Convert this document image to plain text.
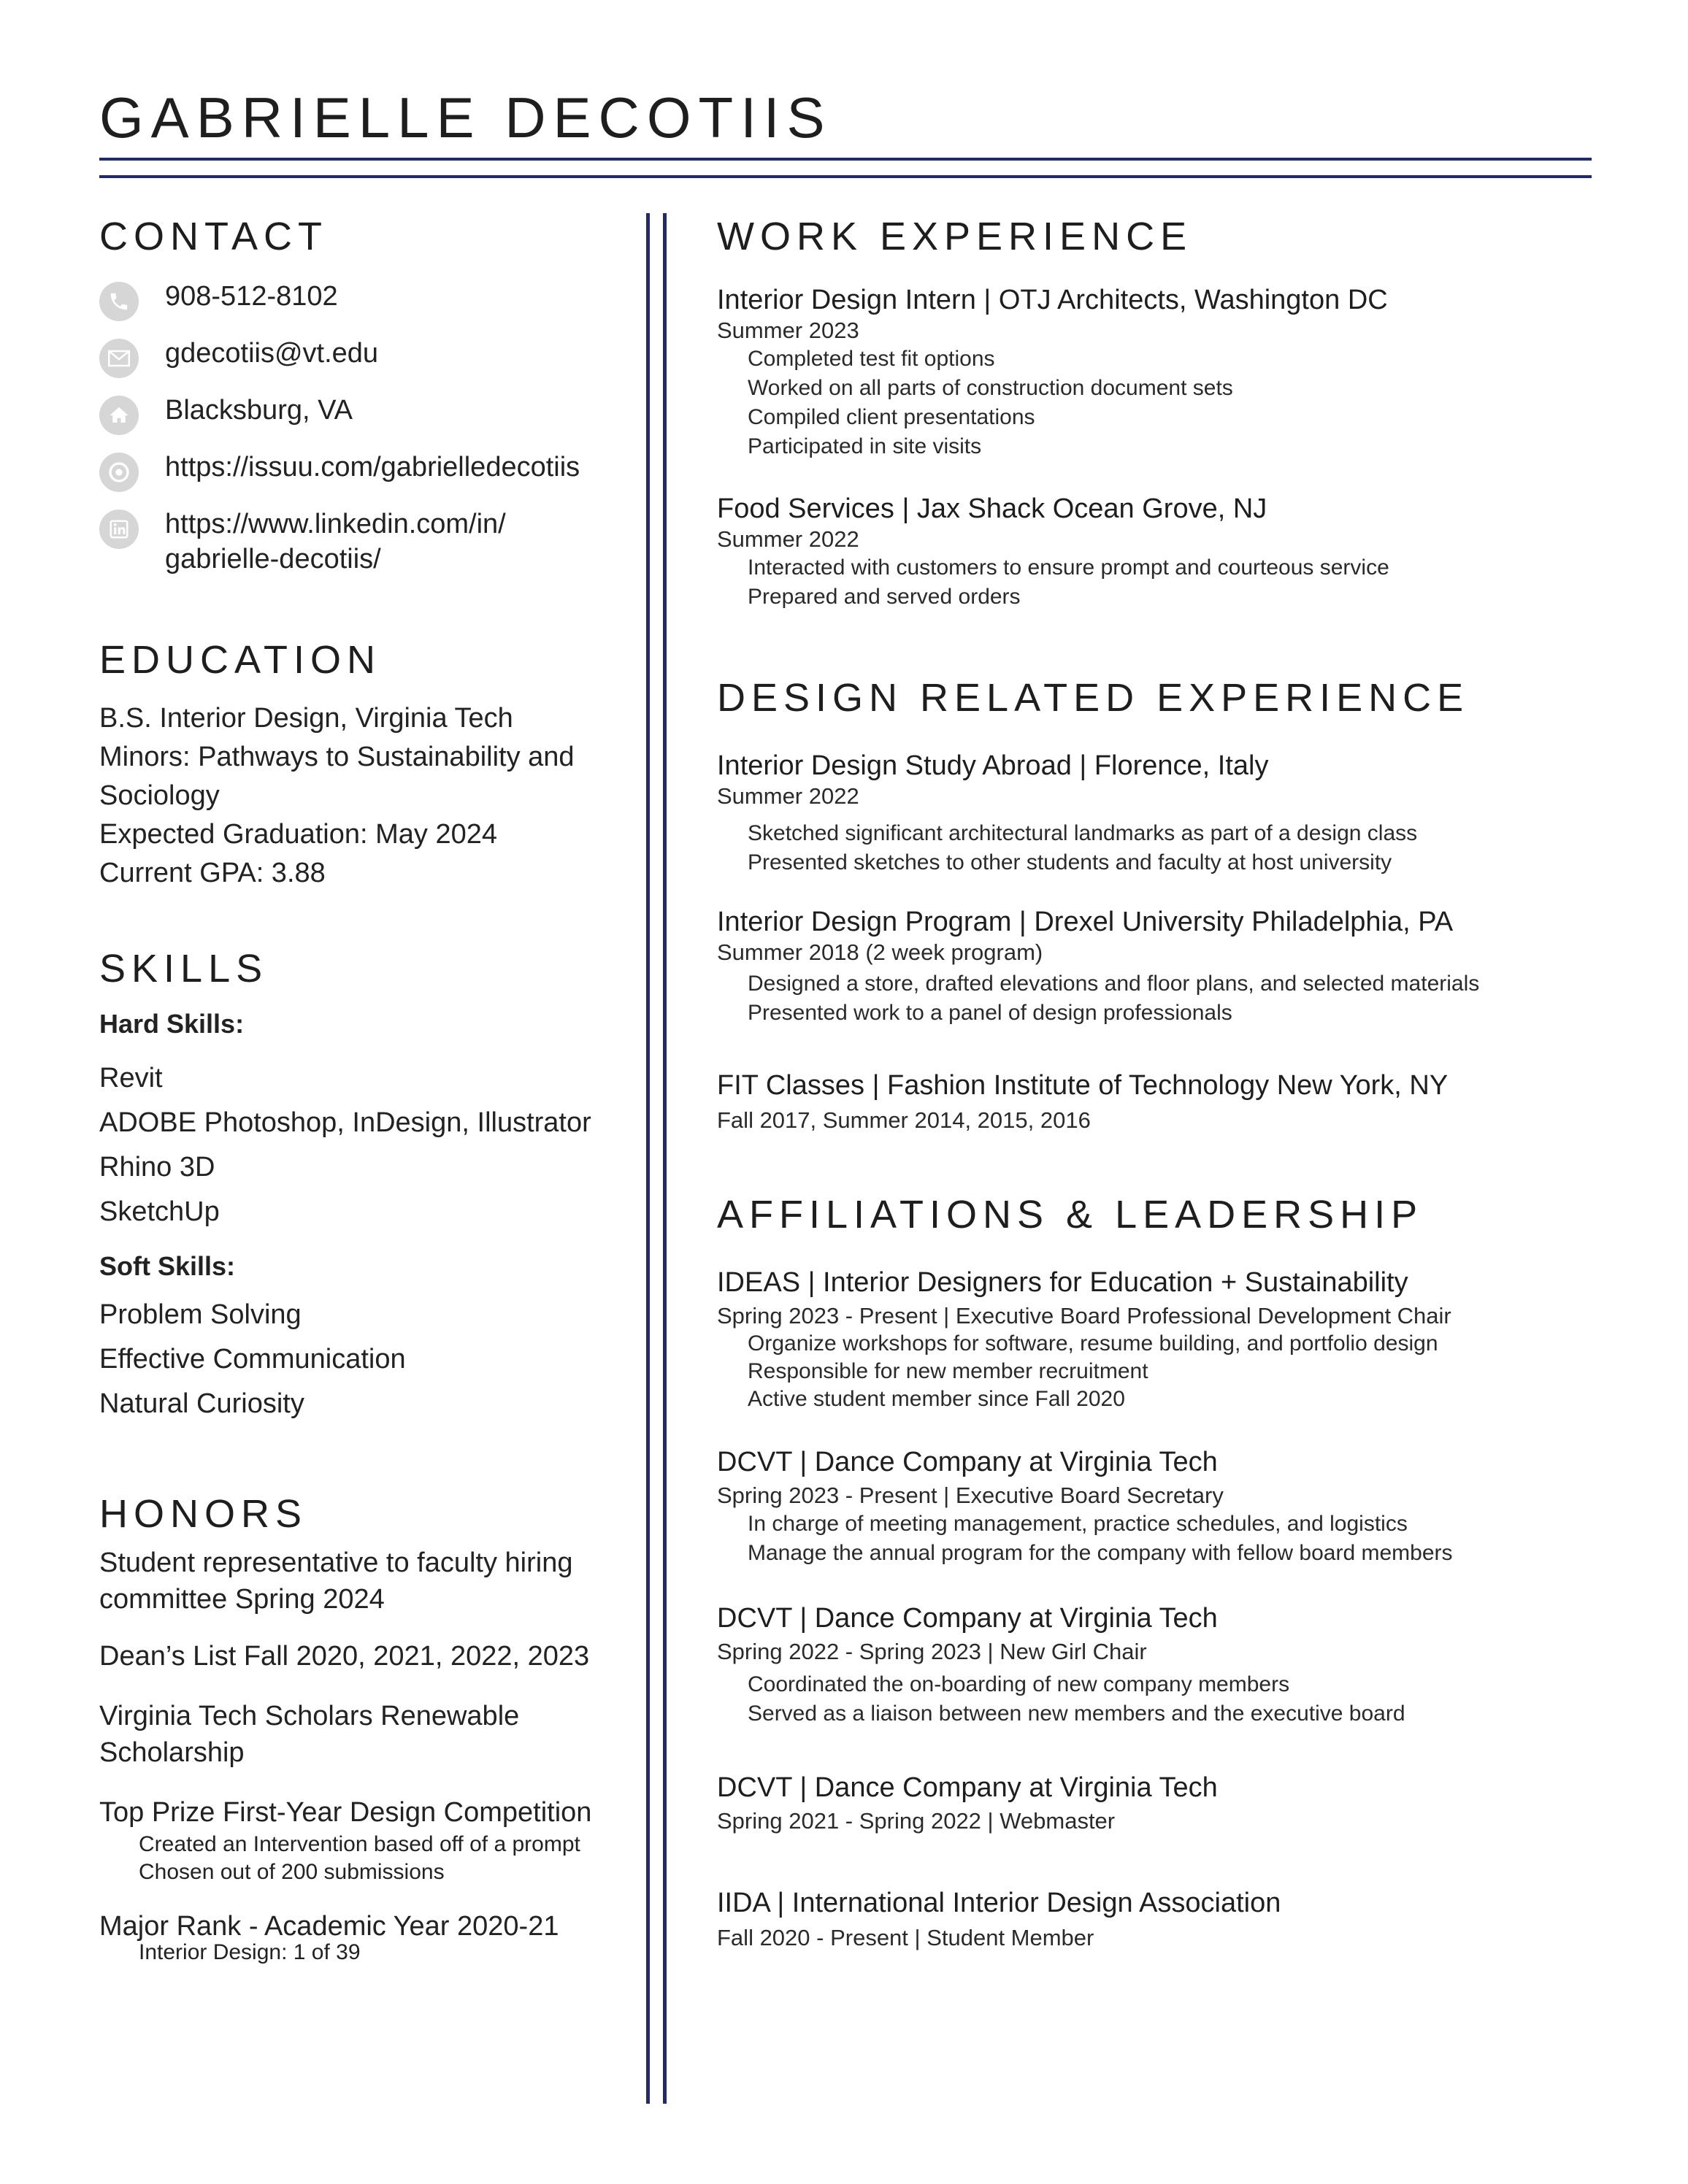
GABRIELLE DECOTIIS
CONTACT
908-512-8102
gdecotiis@vt.edu
Blacksburg, VA
https://issuu.com/gabrielledecotiis
https://www.linkedin.com/in/
gabrielle-decotiis/
EDUCATION
B.S. Interior Design, Virginia Tech
Minors: Pathways to Sustainability and
Sociology
Expected Graduation: May 2024
Current GPA: 3.88
SKILLS
Hard Skills:
Revit
ADOBE Photoshop, InDesign, Illustrator
Rhino 3D
SketchUp
Soft Skills:
Problem Solving
Effective Communication
Natural Curiosity
HONORS
Student representative to faculty hiring
committee Spring 2024
Dean’s List Fall 2020, 2021, 2022, 2023
Virginia Tech Scholars Renewable
Scholarship
Top Prize First-Year Design Competition
Created an Intervention based off of a prompt
Chosen out of 200 submissions
Major Rank - Academic Year 2020-21
Interior Design: 1 of 39
WORK EXPERIENCE
Interior Design Intern | OTJ Architects, Washington DC
Summer 2023
Completed test fit options
Worked on all parts of construction document sets
Compiled client presentations
Participated in site visits
Food Services | Jax Shack Ocean Grove, NJ
Summer 2022
Interacted with customers to ensure prompt and courteous service
Prepared and served orders
DESIGN RELATED EXPERIENCE
Interior Design Study Abroad | Florence, Italy
Summer 2022
Sketched significant architectural landmarks as part of a design class
Presented sketches to other students and faculty at host university
Interior Design Program | Drexel University Philadelphia, PA
Summer 2018 (2 week program)
Designed a store, drafted elevations and floor plans, and selected materials
Presented work to a panel of design professionals
FIT Classes | Fashion Institute of Technology New York, NY
Fall 2017, Summer 2014, 2015, 2016
AFFILIATIONS & LEADERSHIP
IDEAS | Interior Designers for Education + Sustainability
Spring 2023 - Present | Executive Board Professional Development Chair
Organize workshops for software, resume building, and portfolio design
Responsible for new member recruitment
Active student member since Fall 2020
DCVT | Dance Company at Virginia Tech
Spring 2023 - Present | Executive Board Secretary
In charge of meeting management, practice schedules, and logistics
Manage the annual program for the company with fellow board members
DCVT | Dance Company at Virginia Tech
Spring 2022 - Spring 2023 | New Girl Chair
Coordinated the on-boarding of new company members
Served as a liaison between new members and the executive board
DCVT | Dance Company at Virginia Tech
Spring 2021 - Spring 2022 | Webmaster
IIDA | International Interior Design Association
Fall 2020 - Present | Student Member
